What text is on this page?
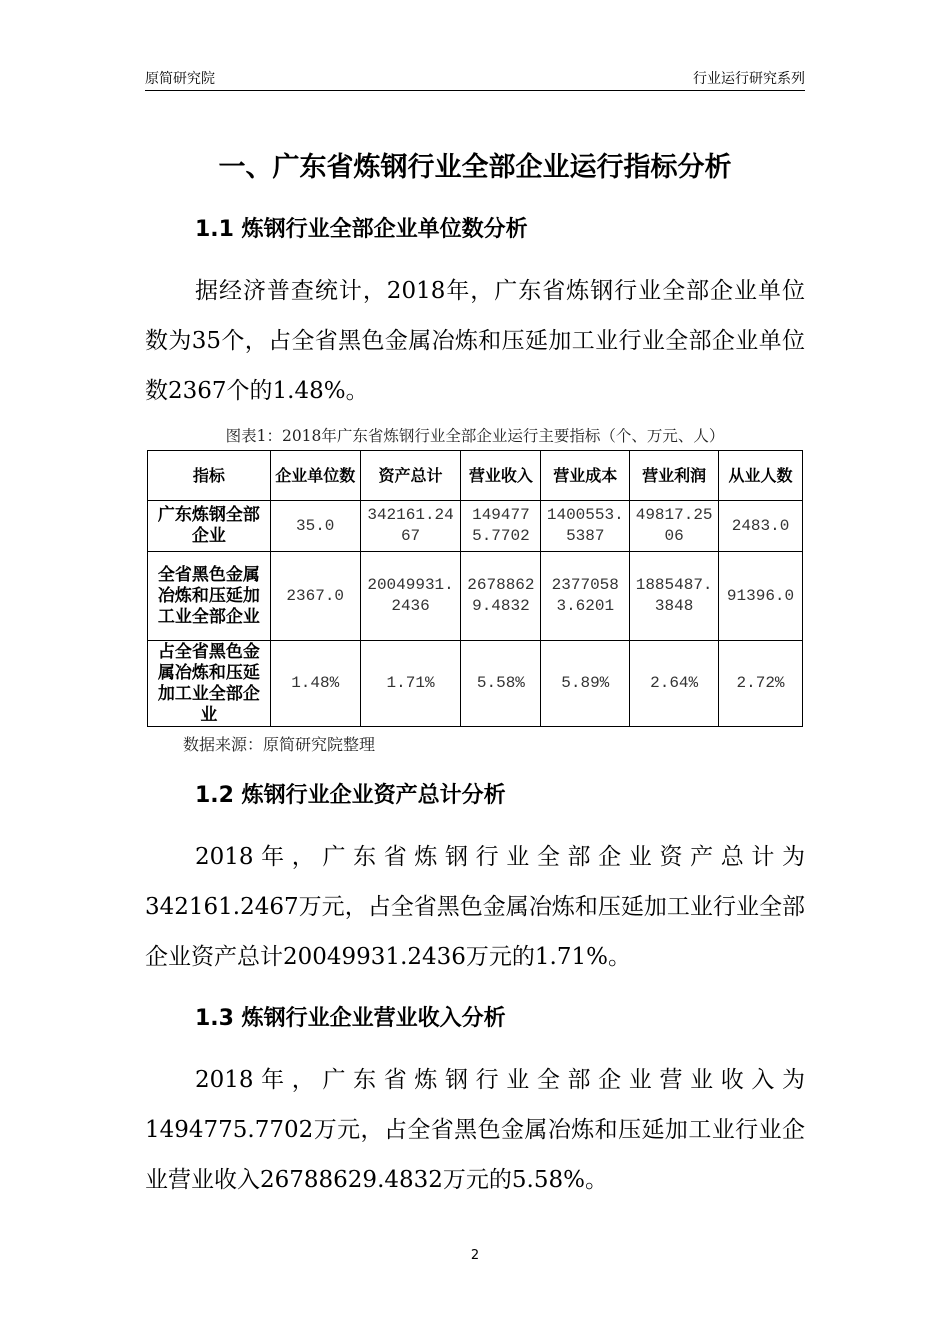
原简研究院	行业运行研究系列
一、广东省炼钢行业全部企业运行指标分析
1.1 炼钢行业全部企业单位数分析
据经济普查统计，2018年，广东省炼钢行业全部企业单位数为35个，占全省黑色金属冶炼和压延加工业行业全部企业单位数2367个的1.48%。
图表1：2018年广东省炼钢行业全部企业运行主要指标（个、万元、人）
指标	企业单位数	资产总计	营业收入	营业成本	营业利润	从业人数
广东炼钢全部企业	35.0	342161.2467	1494775.7702	1400553.5387	49817.2506	2483.0
全省黑色金属冶炼和压延加工业全部企业	2367.0	20049931.2436	26788629.4832	23770583.6201	1885487.3848	91396.0
占全省黑色金属冶炼和压延加工业全部企业	1.48%	1.71%	5.58%	5.89%	2.64%	2.72%
数据来源：原简研究院整理
1.2 炼钢行业企业资产总计分析
2018年，广东省炼钢行业全部企业资产总计为342161.2467万元，占全省黑色金属冶炼和压延加工业行业全部企业资产总计20049931.2436万元的1.71%。
1.3 炼钢行业企业营业收入分析
2018年，广东省炼钢行业全部企业营业收入为1494775.7702万元，占全省黑色金属冶炼和压延加工业行业企业营业收入26788629.4832万元的5.58%。
2
